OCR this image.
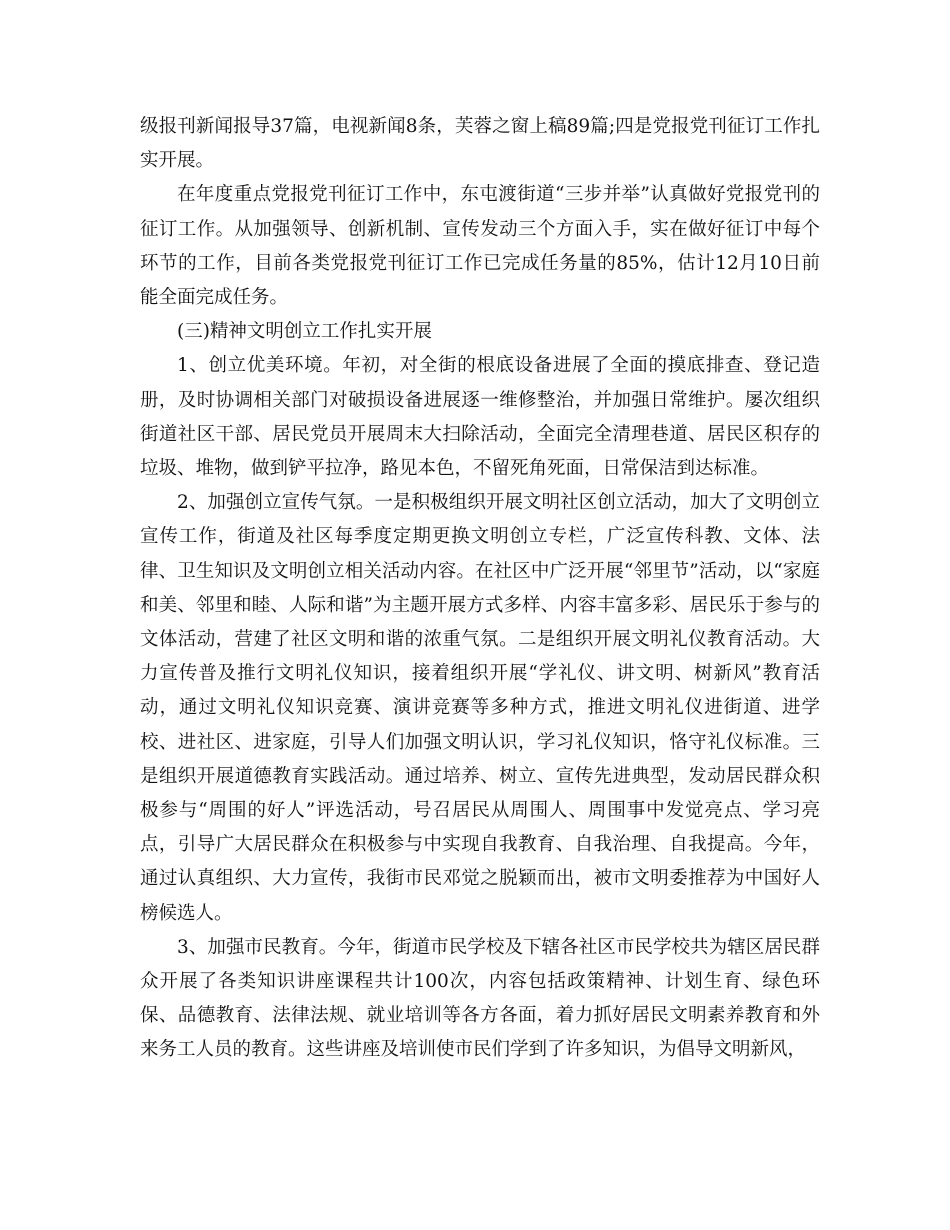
级报刊新闻报导37篇，电视新闻8条，芙蓉之窗上稿89篇;四是党报党刊征订工作扎实开展。

在年度重点党报党刊征订工作中，东屯渡街道“三步并举”认真做好党报党刊的征订工作。从加强领导、创新机制、宣传发动三个方面入手，实在做好征订中每个环节的工作，目前各类党报党刊征订工作已完成任务量的85%，估计12月10日前能全面完成任务。

(三)精神文明创立工作扎实开展

1、创立优美环境。年初，对全街的根底设备进展了全面的摸底排查、登记造册，及时协调相关部门对破损设备进展逐一维修整治，并加强日常维护。屡次组织街道社区干部、居民党员开展周末大扫除活动，全面完全清理巷道、居民区积存的垃圾、堆物，做到铲平拉净，路见本色，不留死角死面，日常保洁到达标准。

2、加强创立宣传气氛。一是积极组织开展文明社区创立活动，加大了文明创立宣传工作，街道及社区每季度定期更换文明创立专栏，广泛宣传科教、文体、法律、卫生知识及文明创立相关活动内容。在社区中广泛开展“邻里节”活动，以“家庭和美、邻里和睦、人际和谐”为主题开展方式多样、内容丰富多彩、居民乐于参与的文体活动，营建了社区文明和谐的浓重气氛。二是组织开展文明礼仪教育活动。大力宣传普及推行文明礼仪知识，接着组织开展“学礼仪、讲文明、树新风”教育活动，通过文明礼仪知识竞赛、演讲竞赛等多种方式，推进文明礼仪进街道、进学校、进社区、进家庭，引导人们加强文明认识，学习礼仪知识，恪守礼仪标准。三是组织开展道德教育实践活动。通过培养、树立、宣传先进典型，发动居民群众积极参与“周围的好人”评选活动，号召居民从周围人、周围事中发觉亮点、学习亮点，引导广大居民群众在积极参与中实现自我教育、自我治理、自我提高。今年，通过认真组织、大力宣传，我街市民邓觉之脱颖而出，被市文明委推荐为中国好人榜候选人。

3、加强市民教育。今年，街道市民学校及下辖各社区市民学校共为辖区居民群众开展了各类知识讲座课程共计100次，内容包括政策精神、计划生育、绿色环保、品德教育、法律法规、就业培训等各方各面，着力抓好居民文明素养教育和外来务工人员的教育。这些讲座及培训使市民们学到了许多知识，为倡导文明新风，
